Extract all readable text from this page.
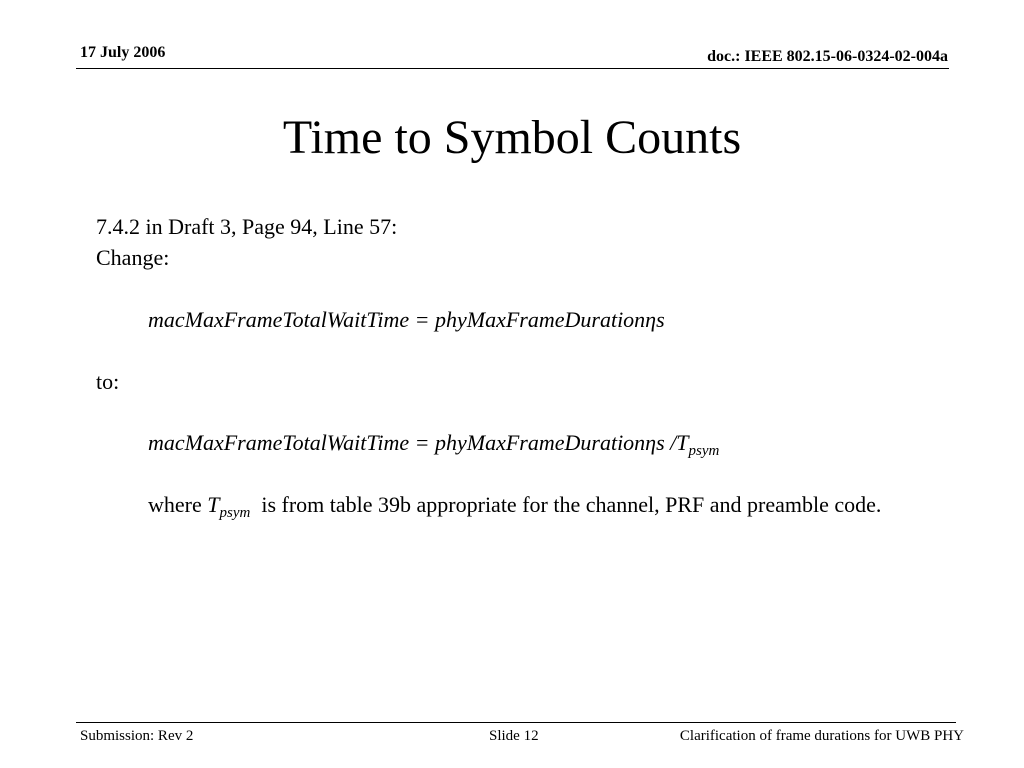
17 July 2006	doc.: IEEE 802.15-06-0324-02-004a
Time to Symbol Counts
7.4.2 in Draft 3, Page 94, Line 57:
Change:
macMaxFrameTotalWaitTime = phyMaxFrameDurationηs
to:
macMaxFrameTotalWaitTime = phyMaxFrameDurationηs $/T_{psym}$
where $T_{psym}$  is from table 39b appropriate for the channel, PRF and preamble code.
Submission: Rev 2	Slide 12	Clarification of frame durations for UWB PHY
